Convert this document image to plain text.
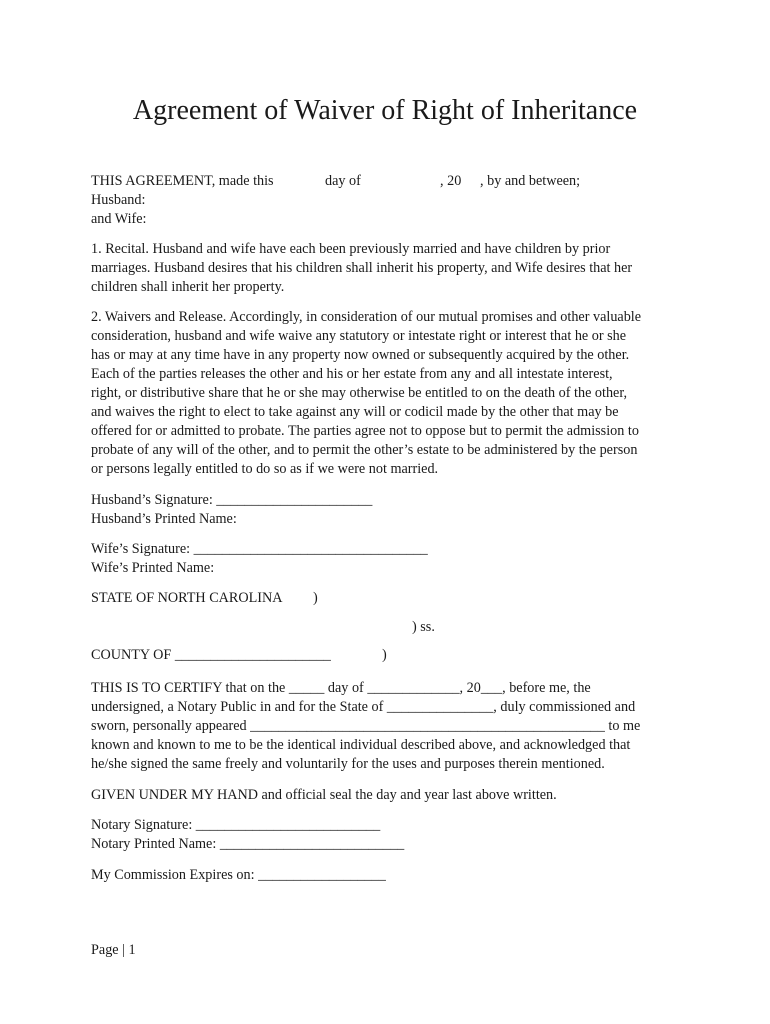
Agreement of Waiver of Right of Inheritance
THIS AGREEMENT, made this	day of	, 20 , by and between;
Husband:
and Wife:
1. Recital. Husband and wife have each been previously married and have children by prior
marriages. Husband desires that his children shall inherit his property, and Wife desires that her
children shall inherit her property.
2. Waivers and Release. Accordingly, in consideration of our mutual promises and other valuable
consideration, husband and wife waive any statutory or intestate right or interest that he or she
has or may at any time have in any property now owned or subsequently acquired by the other.
Each of the parties releases the other and his or her estate from any and all intestate interest,
right, or distributive share that he or she may otherwise be entitled to on the death of the other,
and waives the right to elect to take against any will or codicil made by the other that may be
offered for or admitted to probate. The parties agree not to oppose but to permit the admission to
probate of any will of the other, and to permit the other’s estate to be administered by the person
or persons legally entitled to do so as if we were not married.
Husband’s Signature: ______________________
Husband’s Printed Name:
Wife’s Signature: _________________________________
Wife’s Printed Name:
STATE OF NORTH CAROLINA )
) ss.
COUNTY OF ______________________	)
THIS IS TO CERTIFY that on the _____ day of _____________, 20___, before me, the
undersigned, a Notary Public in and for the State of _______________, duly commissioned and
sworn, personally appeared __________________________________________________ to me
known and known to me to be the identical individual described above, and acknowledged that
he/she signed the same freely and voluntarily for the uses and purposes therein mentioned.
GIVEN UNDER MY HAND and official seal the day and year last above written.
Notary Signature: __________________________
Notary Printed Name: __________________________
My Commission Expires on: __________________
Page | 1
